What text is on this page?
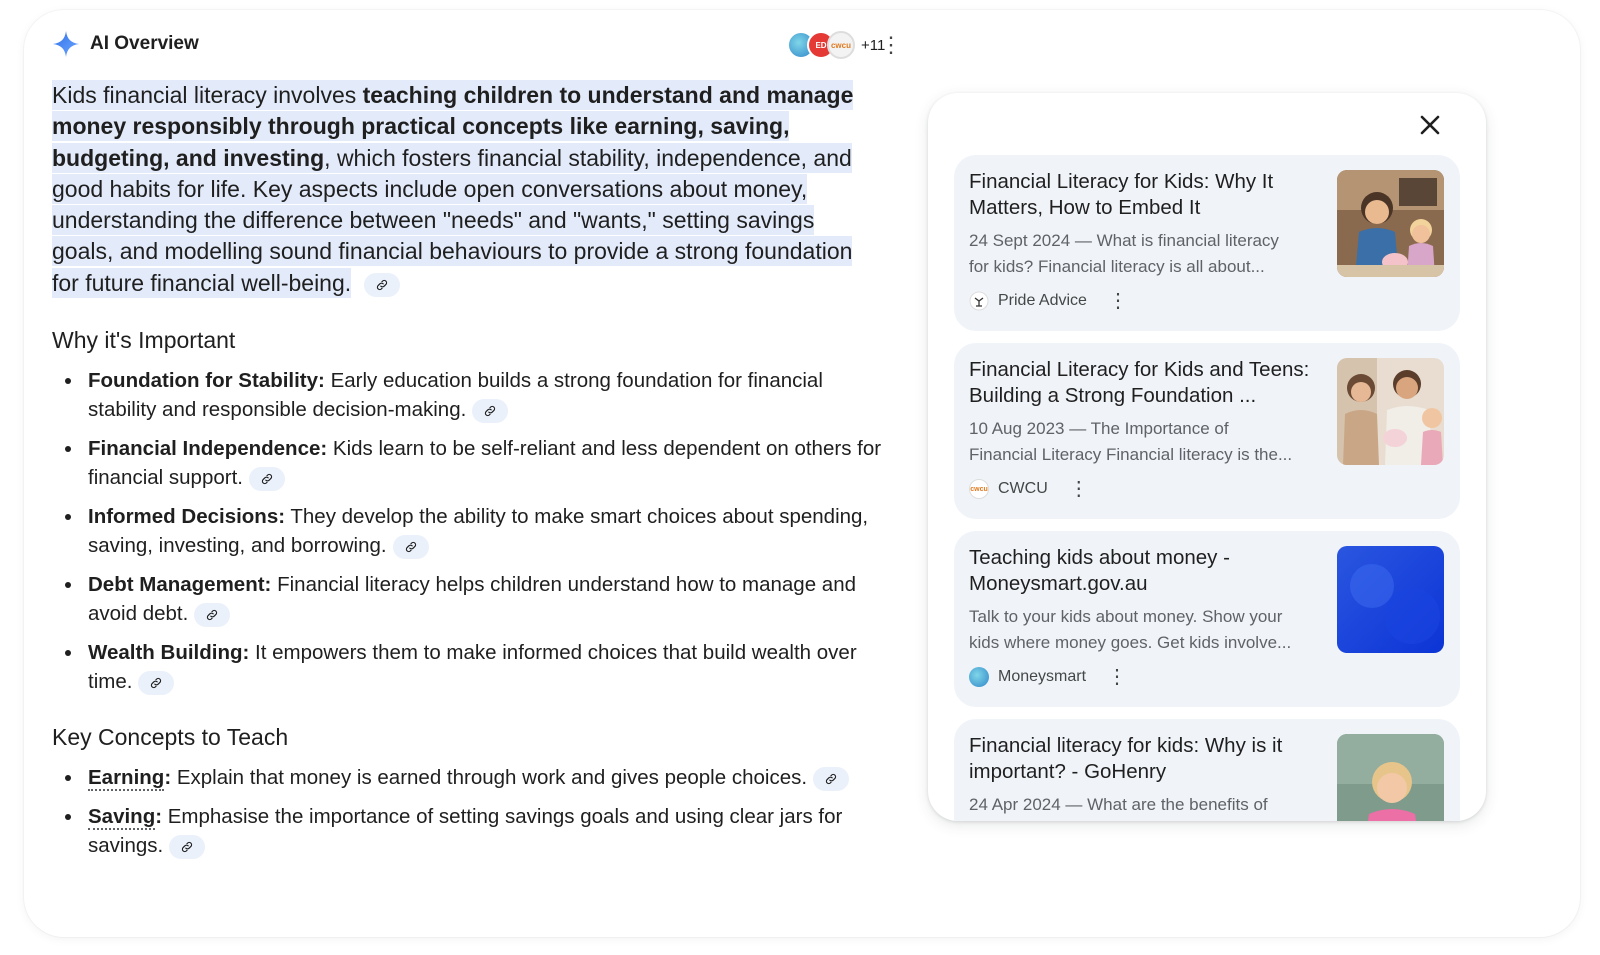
AI Overview	ED cwcu +11
⋮

Kids financial literacy involves teaching children to understand and manage money responsibly through practical concepts like earning, saving, budgeting, and investing, which fosters financial stability, independence, and good habits for life. Key aspects include open conversations about money, understanding the difference between "needs" and "wants," setting savings goals, and modelling sound financial behaviours to provide a strong foundation for future financial well-being.

Why it's Important
Foundation for Stability: Early education builds a strong foundation for financial stability and responsible decision-making.
Financial Independence: Kids learn to be self-reliant and less dependent on others for financial support.
Informed Decisions: They develop the ability to make smart choices about spending, saving, investing, and borrowing.
Debt Management: Financial literacy helps children understand how to manage and avoid debt.
Wealth Building: It empowers them to make informed choices that build wealth over time.
Key Concepts to Teach
Earning: Explain that money is earned through work and gives people choices.
Saving: Emphasise the importance of setting savings goals and using clear jars for savings.
Financial Literacy for Kids: Why It Matters, How to Embed It
24 Sept 2024 — What is financial literacy
for kids? Financial literacy is all about...
Pride Advice ⋮
Financial Literacy for Kids and Teens: Building a Strong Foundation ...
10 Aug 2023 — The Importance of
Financial Literacy Financial literacy is the...
cwcu CWCU ⋮
Teaching kids about money - Moneysmart.gov.au
Talk to your kids about money. Show your
kids where money goes. Get kids involve...
Moneysmart ⋮
Financial literacy for kids: Why is it important? - GoHenry
24 Apr 2024 — What are the benefits of
